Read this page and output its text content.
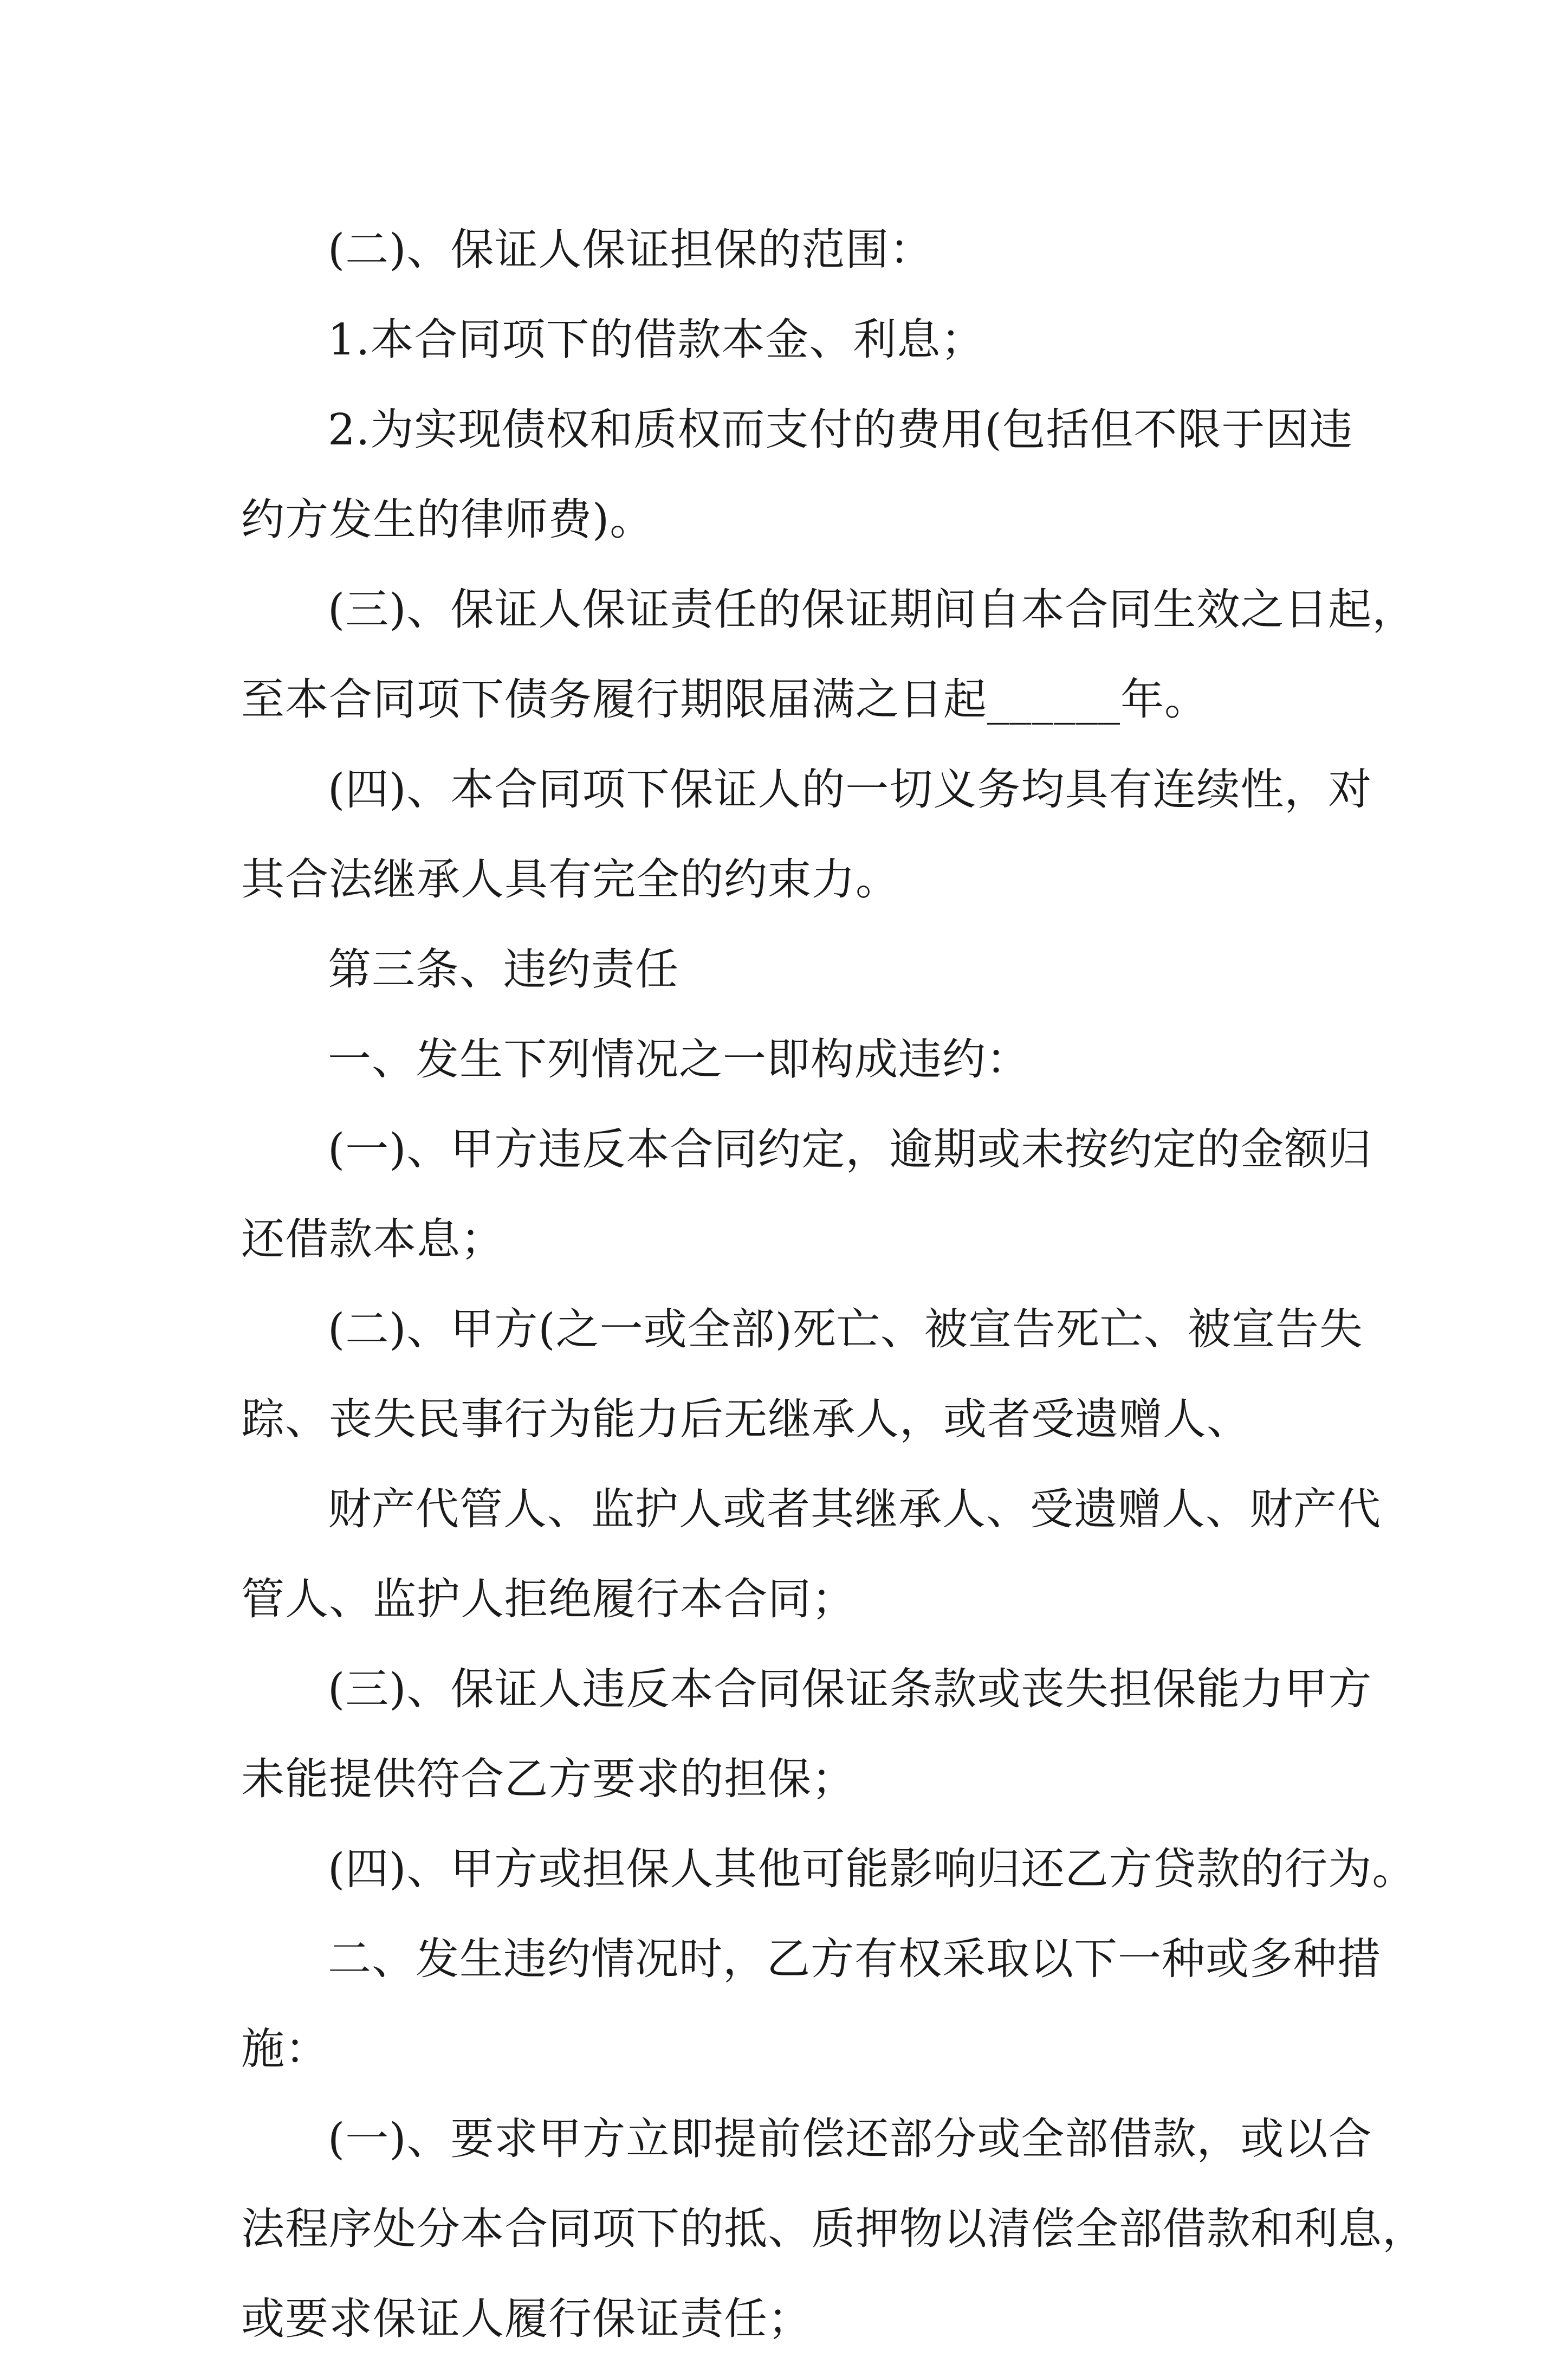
(二)、保证人保证担保的范围：
1.本合同项下的借款本金、利息；
2.为实现债权和质权而支付的费用(包括但不限于因违
约方发生的律师费)。
(三)、保证人保证责任的保证期间自本合同生效之日起，
至本合同项下债务履行期限届满之日起______年。
(四)、本合同项下保证人的一切义务均具有连续性，对
其合法继承人具有完全的约束力。
第三条、违约责任
一、发生下列情况之一即构成违约：
(一)、甲方违反本合同约定，逾期或未按约定的金额归
还借款本息；
(二)、甲方(之一或全部)死亡、被宣告死亡、被宣告失
踪、丧失民事行为能力后无继承人，或者受遗赠人、
财产代管人、监护人或者其继承人、受遗赠人、财产代
管人、监护人拒绝履行本合同；
(三)、保证人违反本合同保证条款或丧失担保能力甲方
未能提供符合乙方要求的担保；
(四)、甲方或担保人其他可能影响归还乙方贷款的行为。
二、发生违约情况时，乙方有权采取以下一种或多种措
施：
(一)、要求甲方立即提前偿还部分或全部借款，或以合
法程序处分本合同项下的抵、质押物以清偿全部借款和利息，
或要求保证人履行保证责任；
